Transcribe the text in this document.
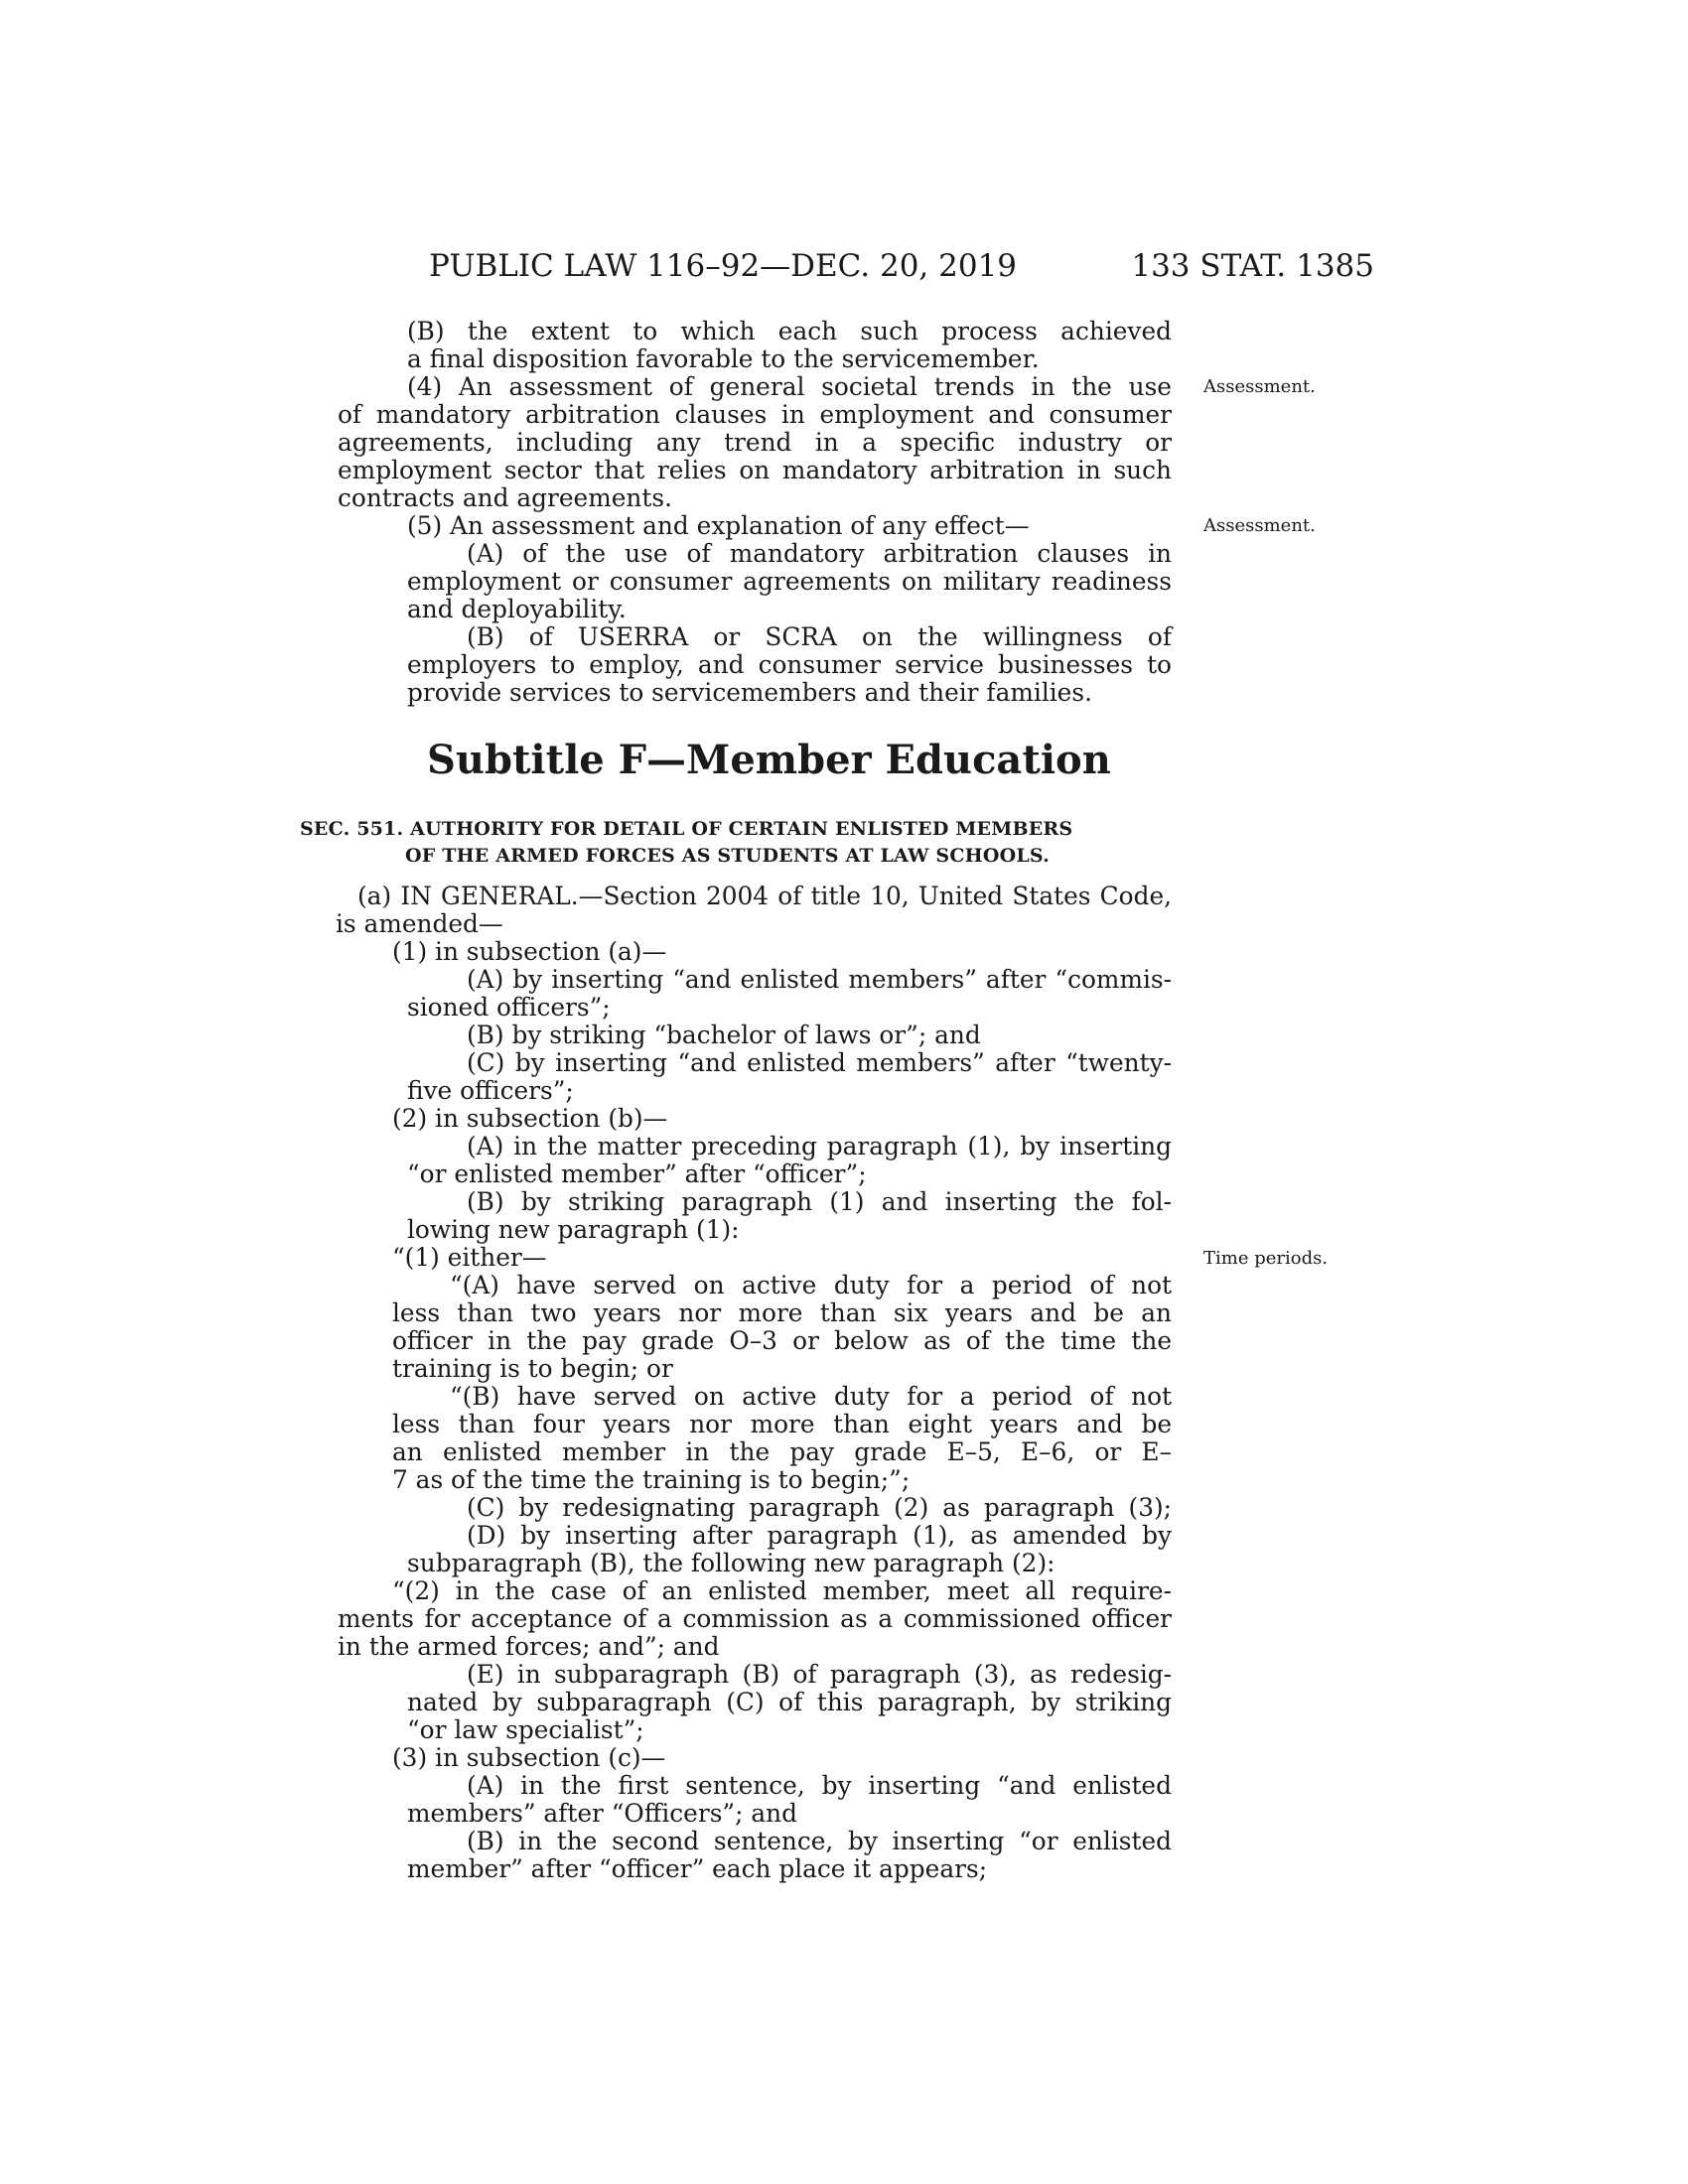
PUBLIC LAW 116–92—DEC. 20, 2019	133 STAT. 1385
(B) the extent to which each such process achieved
a final disposition favorable to the servicemember.
(4) An assessment of general societal trends in the use
of mandatory arbitration clauses in employment and consumer
agreements, including any trend in a specific industry or
employment sector that relies on mandatory arbitration in such
contracts and agreements.
(5) An assessment and explanation of any effect—
(A) of the use of mandatory arbitration clauses in
employment or consumer agreements on military readiness
and deployability.
(B) of USERRA or SCRA on the willingness of
employers to employ, and consumer service businesses to
provide services to servicemembers and their families.
Assessment.
Assessment.
Time periods.
Subtitle F—Member Education
SEC. 551. AUTHORITY FOR DETAIL OF CERTAIN ENLISTED MEMBERS
OF THE ARMED FORCES AS STUDENTS AT LAW SCHOOLS.
(a) IN GENERAL.—Section 2004 of title 10, United States Code,
is amended—
(1) in subsection (a)—
(A) by inserting “and enlisted members” after “commis-
sioned officers”;
(B) by striking “bachelor of laws or”; and
(C) by inserting “and enlisted members” after “twenty-
five officers”;
(2) in subsection (b)—
(A) in the matter preceding paragraph (1), by inserting
“or enlisted member” after “officer”;
(B) by striking paragraph (1) and inserting the fol-
lowing new paragraph (1):
“(1) either—
“(A) have served on active duty for a period of not
less than two years nor more than six years and be an
officer in the pay grade O–3 or below as of the time the
training is to begin; or
“(B) have served on active duty for a period of not
less than four years nor more than eight years and be
an enlisted member in the pay grade E–5, E–6, or E–
7 as of the time the training is to begin;”;
(C) by redesignating paragraph (2) as paragraph (3);
(D) by inserting after paragraph (1), as amended by
subparagraph (B), the following new paragraph (2):
“(2) in the case of an enlisted member, meet all require-
ments for acceptance of a commission as a commissioned officer
in the armed forces; and”; and
(E) in subparagraph (B) of paragraph (3), as redesig-
nated by subparagraph (C) of this paragraph, by striking
“or law specialist”;
(3) in subsection (c)—
(A) in the first sentence, by inserting “and enlisted
members” after “Officers”; and
(B) in the second sentence, by inserting “or enlisted
member” after “officer” each place it appears;
